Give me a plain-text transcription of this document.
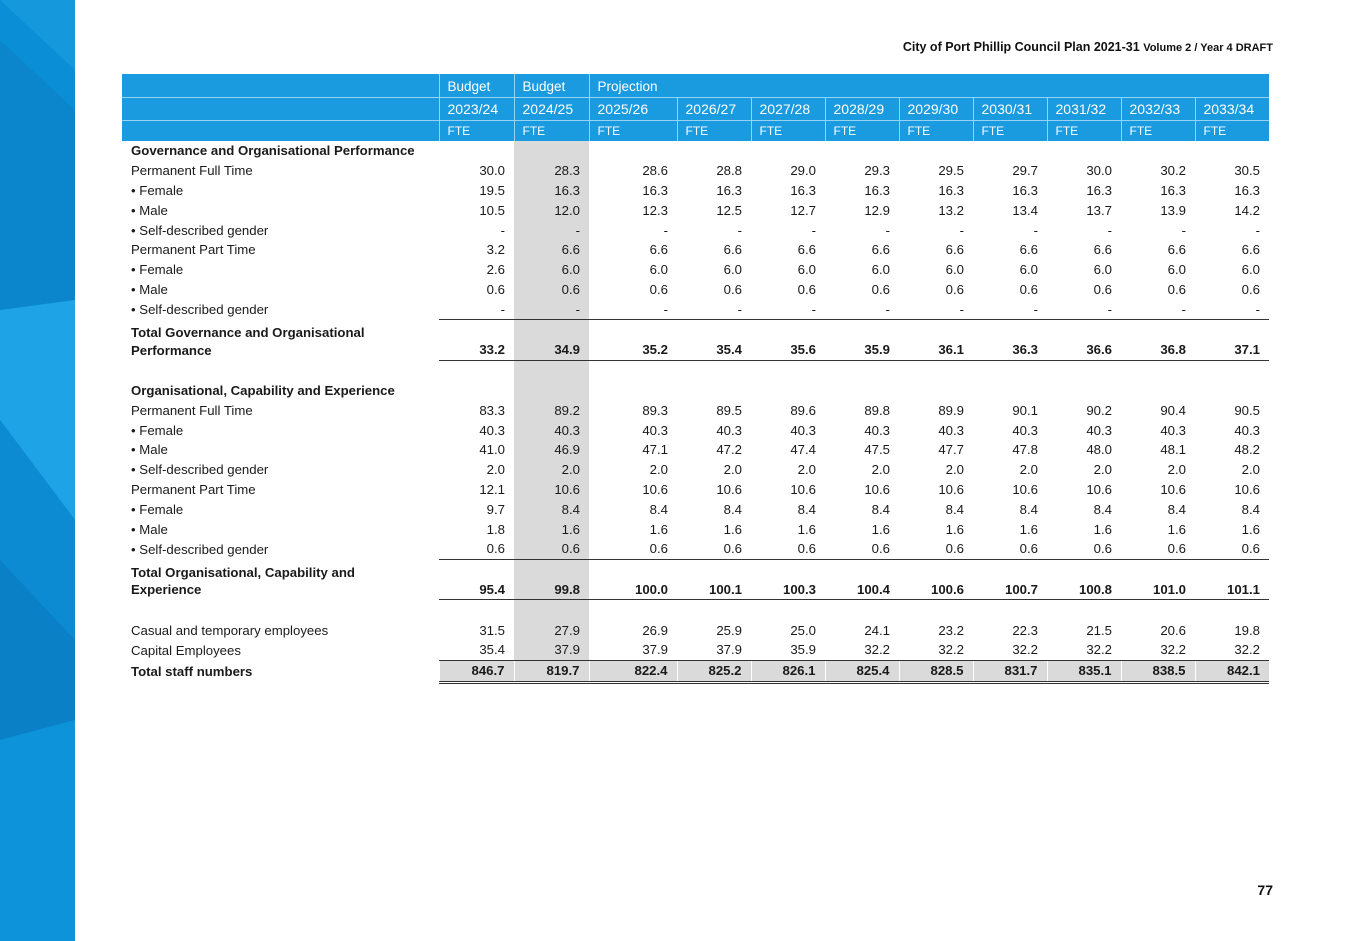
City of Port Phillip Council Plan 2021-31 Volume 2 / Year 4 DRAFT
	Budget	Budget	Projection								
	2023/24	2024/25	2025/26	2026/27	2027/28	2028/29	2029/30	2030/31	2031/32	2032/33	2033/34
	FTE	FTE	FTE	FTE	FTE	FTE	FTE	FTE	FTE	FTE	FTE
Governance and Organisational Performance											
Permanent Full Time	30.0	28.3	28.6	28.8	29.0	29.3	29.5	29.7	30.0	30.2	30.5
• Female	19.5	16.3	16.3	16.3	16.3	16.3	16.3	16.3	16.3	16.3	16.3
• Male	10.5	12.0	12.3	12.5	12.7	12.9	13.2	13.4	13.7	13.9	14.2
• Self-described gender	-	-	-	-	-	-	-	-	-	-	-
Permanent Part Time	3.2	6.6	6.6	6.6	6.6	6.6	6.6	6.6	6.6	6.6	6.6
• Female	2.6	6.0	6.0	6.0	6.0	6.0	6.0	6.0	6.0	6.0	6.0
• Male	0.6	0.6	0.6	0.6	0.6	0.6	0.6	0.6	0.6	0.6	0.6
• Self-described gender	-	-	-	-	-	-	-	-	-	-	-
Total Governance and Organisational											
Performance	33.2	34.9	35.2	35.4	35.6	35.9	36.1	36.3	36.6	36.8	37.1

Organisational, Capability and Experience											
Permanent Full Time	83.3	89.2	89.3	89.5	89.6	89.8	89.9	90.1	90.2	90.4	90.5
• Female	40.3	40.3	40.3	40.3	40.3	40.3	40.3	40.3	40.3	40.3	40.3
• Male	41.0	46.9	47.1	47.2	47.4	47.5	47.7	47.8	48.0	48.1	48.2
• Self-described gender	2.0	2.0	2.0	2.0	2.0	2.0	2.0	2.0	2.0	2.0	2.0
Permanent Part Time	12.1	10.6	10.6	10.6	10.6	10.6	10.6	10.6	10.6	10.6	10.6
• Female	9.7	8.4	8.4	8.4	8.4	8.4	8.4	8.4	8.4	8.4	8.4
• Male	1.8	1.6	1.6	1.6	1.6	1.6	1.6	1.6	1.6	1.6	1.6
• Self-described gender	0.6	0.6	0.6	0.6	0.6	0.6	0.6	0.6	0.6	0.6	0.6
Total Organisational, Capability and											
Experience	95.4	99.8	100.0	100.1	100.3	100.4	100.6	100.7	100.8	101.0	101.1

Casual and temporary employees	31.5	27.9	26.9	25.9	25.0	24.1	23.2	22.3	21.5	20.6	19.8
Capital Employees	35.4	37.9	37.9	37.9	35.9	32.2	32.2	32.2	32.2	32.2	32.2
Total staff numbers	846.7	819.7	822.4	825.2	826.1	825.4	828.5	831.7	835.1	838.5	842.1
77
